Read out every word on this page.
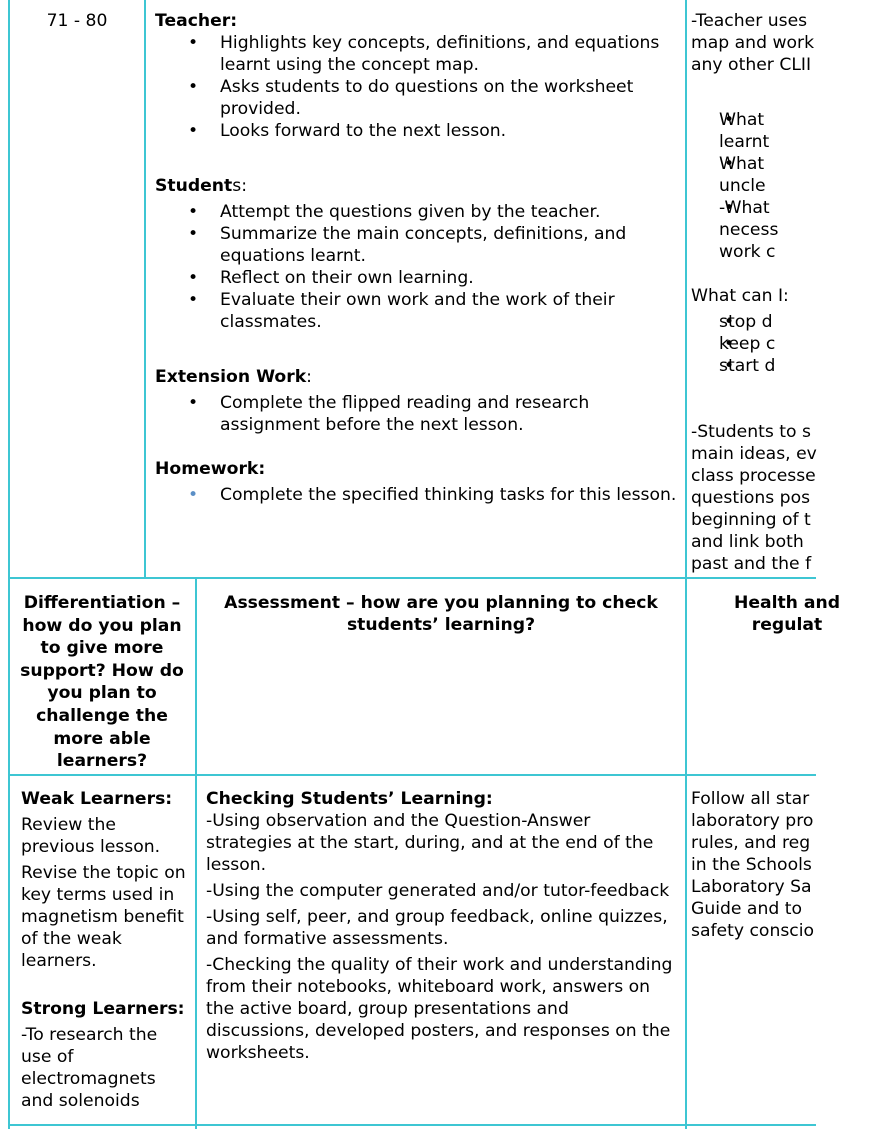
71 - 80	Teacher:

• Highlights key concepts, definitions, and equations learnt using the concept map.
• Asks students to do questions on the worksheet provided.
• Looks forward to the next lesson.

Students:

• Attempt the questions given by the teacher.
• Summarize the main concepts, definitions, and equations learnt.
• Reflect on their own learning.
• Evaluate their own work and the work of their classmates.

Extension Work:

• Complete the flipped reading and research assignment before the next lesson.

Homework:

• Complete the specified thinking tasks for this lesson.

-Teacher uses

map and work

any other CLII

• What
learnt
• What
uncle
• -What
necess
work c

What can I:

• stop d
• keep c
• start d

-Students to s

main ideas, ev

class processe

questions pos

beginning of t

and link both

past and the f

Differentiation – how do you plan to give more support? How do you plan to challenge the more able learners?
Assessment – how are you planning to check students’ learning?

Health and

regulat

Weak Learners:

Review the previous lesson.

Revise the topic on key terms used in magnetism benefit of the weak learners.

Strong Learners:

-To research the use of electromagnets and solenoids

Checking Students’ Learning:

-Using observation and the Question-Answer strategies at the start, during, and at the end of the lesson.

-Using the computer generated and/or tutor-feedback

-Using self, peer, and group feedback, online quizzes, and formative assessments.

-Checking the quality of their work and understanding from their notebooks, whiteboard work, answers on the active board, group presentations and discussions, developed posters, and responses on the worksheets.

Follow all star

laboratory pro

rules, and reg

in the Schools

Laboratory Sa

Guide and to

safety conscio
